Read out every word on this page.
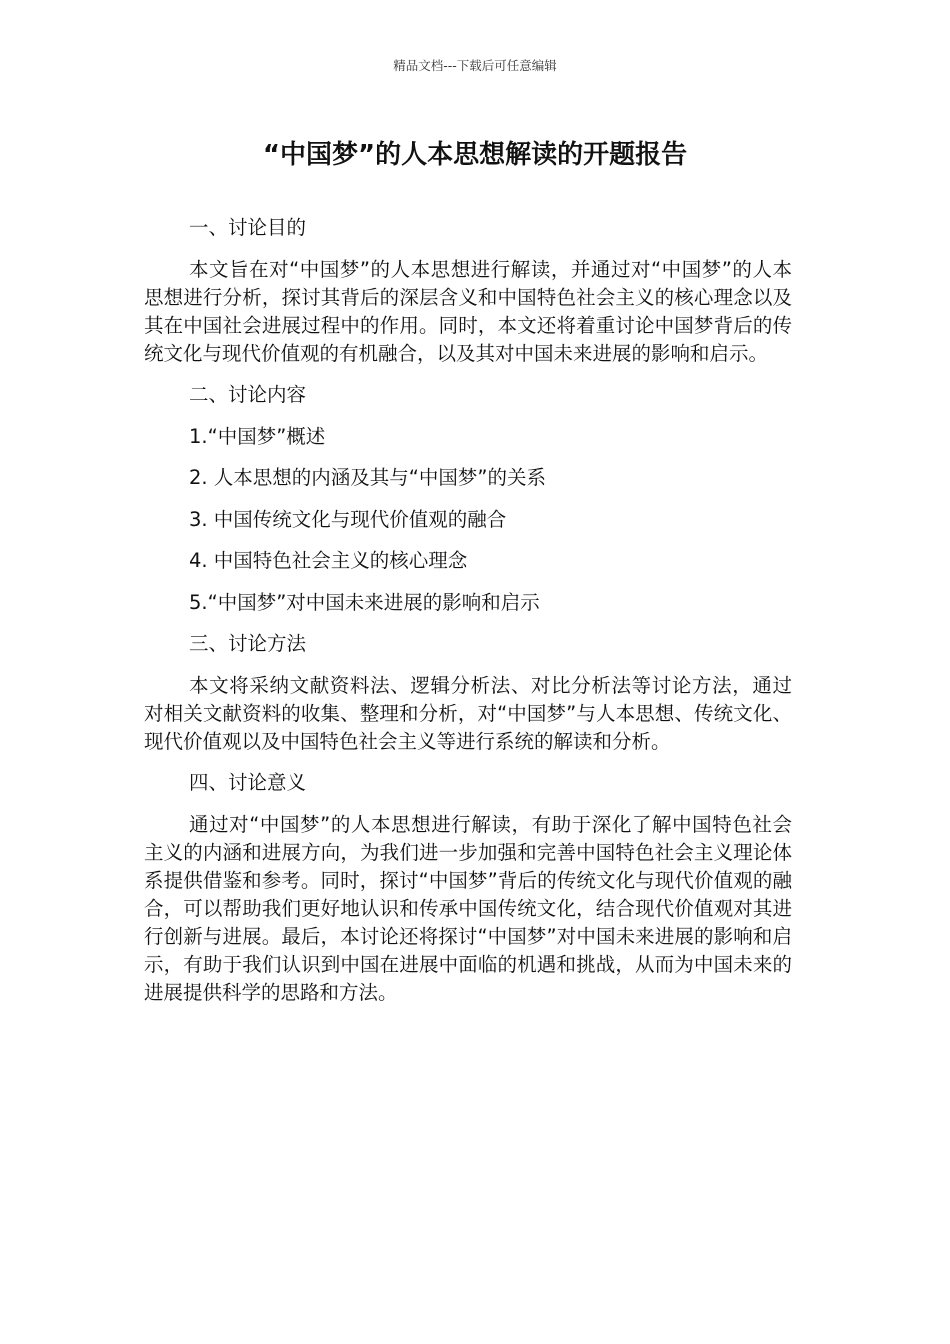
精品文档---下载后可任意编辑
“中国梦”的人本思想解读的开题报告

一、讨论目的

本文旨在对“中国梦”的人本思想进行解读，并通过对“中国梦”的人本思想进行分析，探讨其背后的深层含义和中国特色社会主义的核心理念以及其在中国社会进展过程中的作用。同时，本文还将着重讨论中国梦背后的传统文化与现代价值观的有机融合，以及其对中国未来进展的影响和启示。

二、讨论内容

1.“中国梦”概述

2. 人本思想的内涵及其与“中国梦”的关系

3. 中国传统文化与现代价值观的融合

4. 中国特色社会主义的核心理念

5.“中国梦”对中国未来进展的影响和启示

三、讨论方法

本文将采纳文献资料法、逻辑分析法、对比分析法等讨论方法，通过对相关文献资料的收集、整理和分析，对“中国梦”与人本思想、传统文化、现代价值观以及中国特色社会主义等进行系统的解读和分析。

四、讨论意义

通过对“中国梦”的人本思想进行解读，有助于深化了解中国特色社会主义的内涵和进展方向，为我们进一步加强和完善中国特色社会主义理论体系提供借鉴和参考。同时，探讨“中国梦”背后的传统文化与现代价值观的融合，可以帮助我们更好地认识和传承中国传统文化，结合现代价值观对其进行创新与进展。最后，本讨论还将探讨“中国梦”对中国未来进展的影响和启示，有助于我们认识到中国在进展中面临的机遇和挑战，从而为中国未来的进展提供科学的思路和方法。
